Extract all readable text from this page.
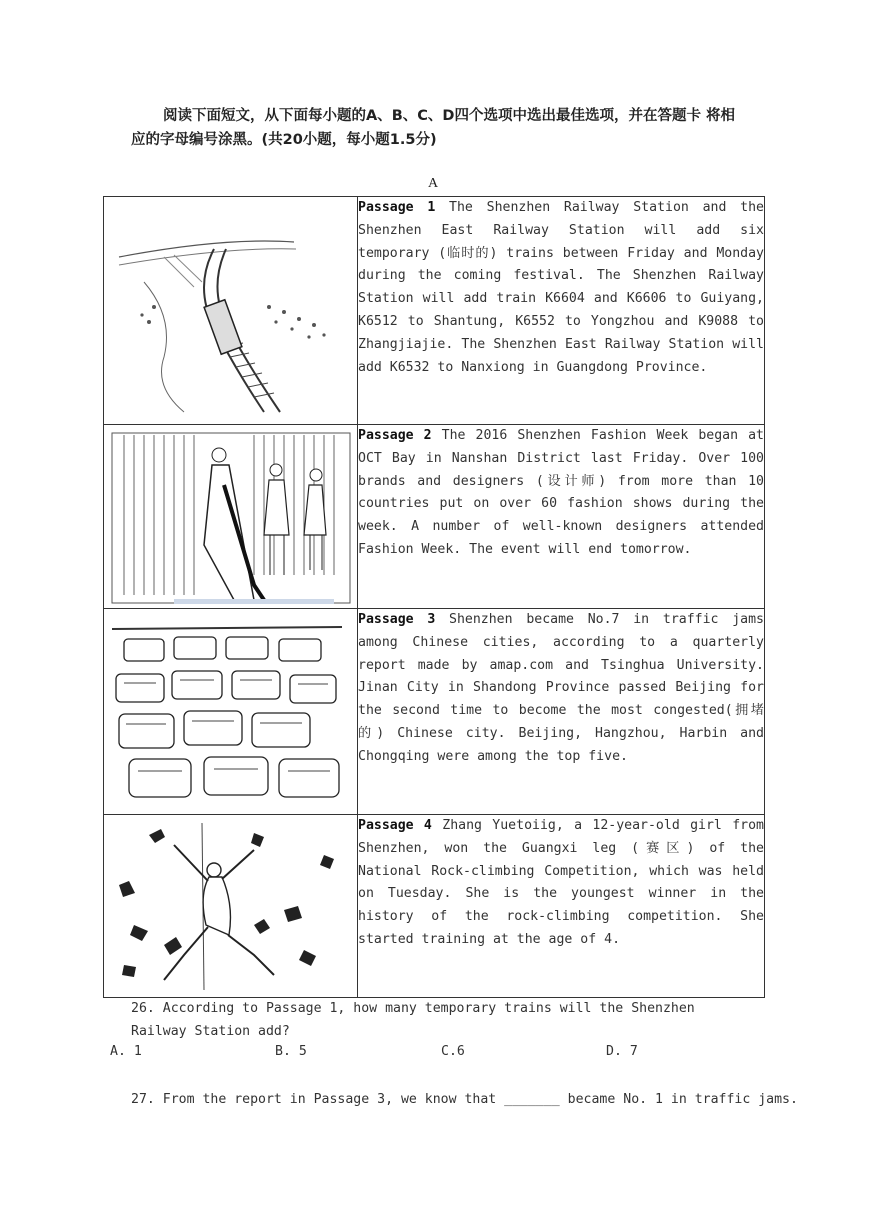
阅读下面短文，从下面每小题的A、B、C、D四个选项中选出最佳选项，并在答题卡 将相应的字母编号涂黑。(共20小题，每小题1.5分)
A
	Passage 1 The Shenzhen Railway Station and the Shenzhen East Railway Station will add six temporary (临时的) trains between Friday and Monday during the coming festival. The Shenzhen Railway Station will add train K6604 and K6606 to Guiyang, K6512 to Shantung, K6552 to Yongzhou and K9088 to Zhangjiajie. The Shenzhen East Railway Station will add K6532 to Nanxiong in Guangdong Province.

	Passage 2 The 2016 Shenzhen Fashion Week began at OCT Bay in Nanshan District last Friday. Over 100 brands and designers (设计师) from more than 10 countries put on over 60 fashion shows during the week. A number of well-known designers attended Fashion Week. The event will end tomorrow.

	Passage 3 Shenzhen became No.7 in traffic jams among Chinese cities, according to a quarterly report made by amap.com and Tsinghua University. Jinan City in Shandong Province passed Beijing for the second time to become the most congested(拥堵 的) Chinese city. Beijing, Hangzhou, Harbin and Chongqing were among the top five.

	Passage 4 Zhang Yuetoiig, a 12-year-old girl from Shenzhen, won the Guangxi leg (赛区) of the National Rock-climbing Competition, which was held on Tuesday. She is the youngest winner in the history of the rock-climbing competition. She started training at the age of 4.
26. According to Passage 1, how many temporary trains will the Shenzhen Railway Station add?
A. 1	B. 5	C.6	D. 7
27. From the report in Passage 3, we know that _______ became No. 1 in traffic jams.
